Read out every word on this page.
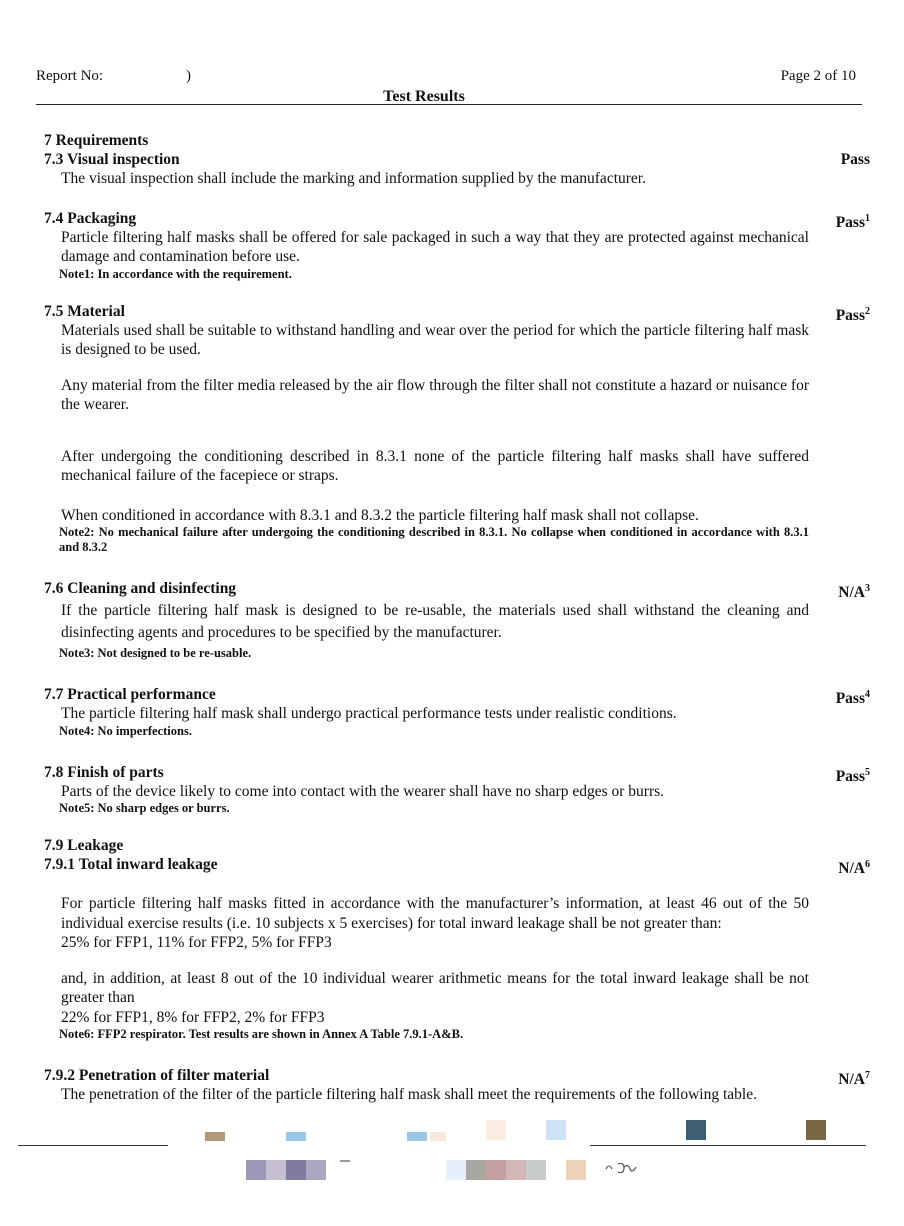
Report No:	)	Page 2 of 10
Test Results
7 Requirements
7.3 Visual inspection	Pass
The visual inspection shall include the marking and information supplied by the manufacturer.
7.4 Packaging	Pass$^1$
Particle filtering half masks shall be offered for sale packaged in such a way that they are protected against mechanical damage and contamination before use.
Note1: In accordance with the requirement.
7.5 Material	Pass$^2$
Materials used shall be suitable to withstand handling and wear over the period for which the particle filtering half mask is designed to be used.
Any material from the filter media released by the air flow through the filter shall not constitute a hazard or nuisance for the wearer.
After undergoing the conditioning described in 8.3.1 none of the particle filtering half masks shall have suffered mechanical failure of the facepiece or straps.
When conditioned in accordance with 8.3.1 and 8.3.2 the particle filtering half mask shall not collapse.
Note2: No mechanical failure after undergoing the conditioning described in 8.3.1. No collapse when conditioned in accordance with 8.3.1 and 8.3.2
7.6 Cleaning and disinfecting	$N/A^3$
If the particle filtering half mask is designed to be re-usable, the materials used shall withstand the cleaning and disinfecting agents and procedures to be specified by the manufacturer.
Note3: Not designed to be re-usable.
7.7 Practical performance	Pass$^4$
The particle filtering half mask shall undergo practical performance tests under realistic conditions.
Note4: No imperfections.
7.8 Finish of parts	Pass$^5$
Parts of the device likely to come into contact with the wearer shall have no sharp edges or burrs.
Note5: No sharp edges or burrs.
7.9 Leakage
7.9.1 Total inward leakage	$N/A^6$
For particle filtering half masks fitted in accordance with the manufacturer’s information, at least 46 out of the 50 individual exercise results (i.e. 10 subjects x 5 exercises) for total inward leakage shall be not greater than:
25% for FFP1, 11% for FFP2, 5% for FFP3
and, in addition, at least 8 out of the 10 individual wearer arithmetic means for the total inward leakage shall be not greater than
22% for FFP1, 8% for FFP2, 2% for FFP3
Note6: FFP2 respirator. Test results are shown in Annex A Table 7.9.1-A&B.
7.9.2 Penetration of filter material	$N/A^7$
The penetration of the filter of the particle filtering half mask shall meet the requirements of the following table.
